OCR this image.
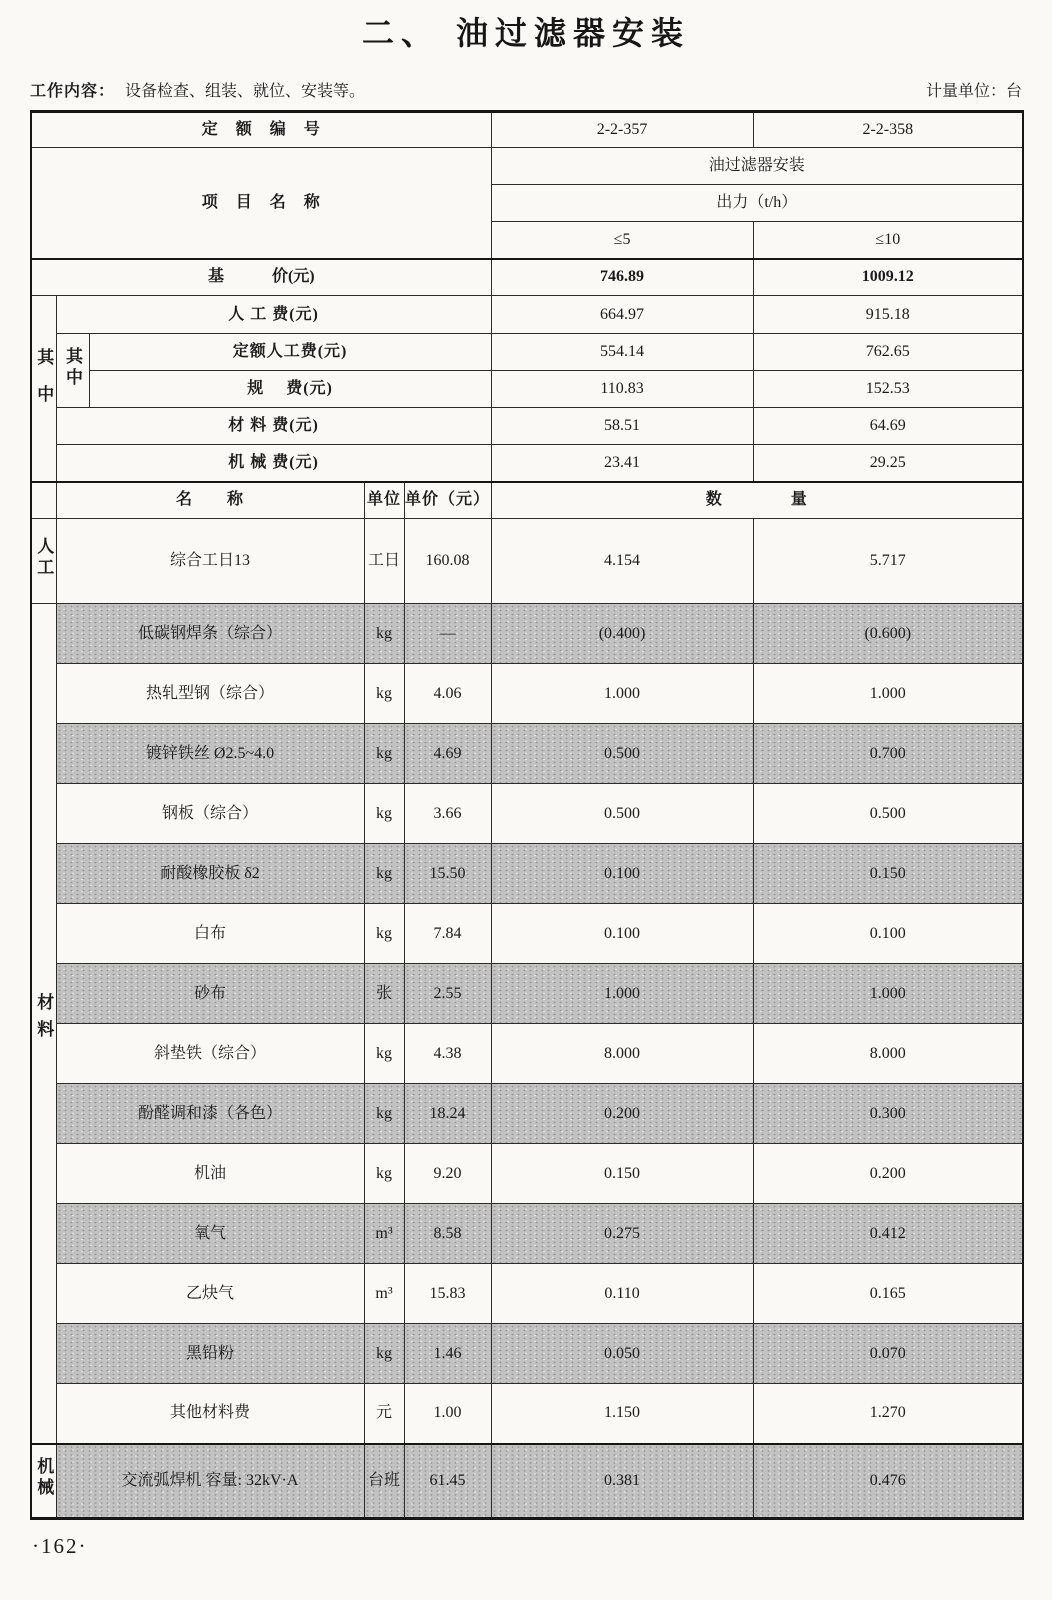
二、 油过滤器安装
工作内容： 设备检查、组装、就位、安装等。	计量单位：台
定　额　编　号					2-2-357	2-2-358
项　目　名　称					油过滤器安装	
					出力（t/h）	
					≤5	≤10
基　　　价(元)					746.89	1009.12
其中	人 工 费(元)				664.97	915.18
	其中	定额人工费(元)			554.14	762.65
		规　 费(元)			110.83	152.53
	材 料 费(元)				58.51	64.69
	机 械 费(元)				23.41	29.25
	名　　称		单位	单价（元）	数　　　　量	
人工	综合工日13		工日	160.08	4.154	5.717
材料	低碳钢焊条（综合）		kg	—	(0.400)	(0.600)
	热轧型钢（综合）		kg	4.06	1.000	1.000
	镀锌铁丝 Ø2.5~4.0		kg	4.69	0.500	0.700
	钢板（综合）		kg	3.66	0.500	0.500
	耐酸橡胶板 δ2		kg	15.50	0.100	0.150
	白布		kg	7.84	0.100	0.100
	砂布		张	2.55	1.000	1.000
	斜垫铁（综合）		kg	4.38	8.000	8.000
	酚醛调和漆（各色）		kg	18.24	0.200	0.300
	机油		kg	9.20	0.150	0.200
	氧气		m³	8.58	0.275	0.412
	乙炔气		m³	15.83	0.110	0.165
	黑铅粉		kg	1.46	0.050	0.070
	其他材料费		元	1.00	1.150	1.270
机械	交流弧焊机 容量: 32kV·A		台班	61.45	0.381	0.476
·162·
